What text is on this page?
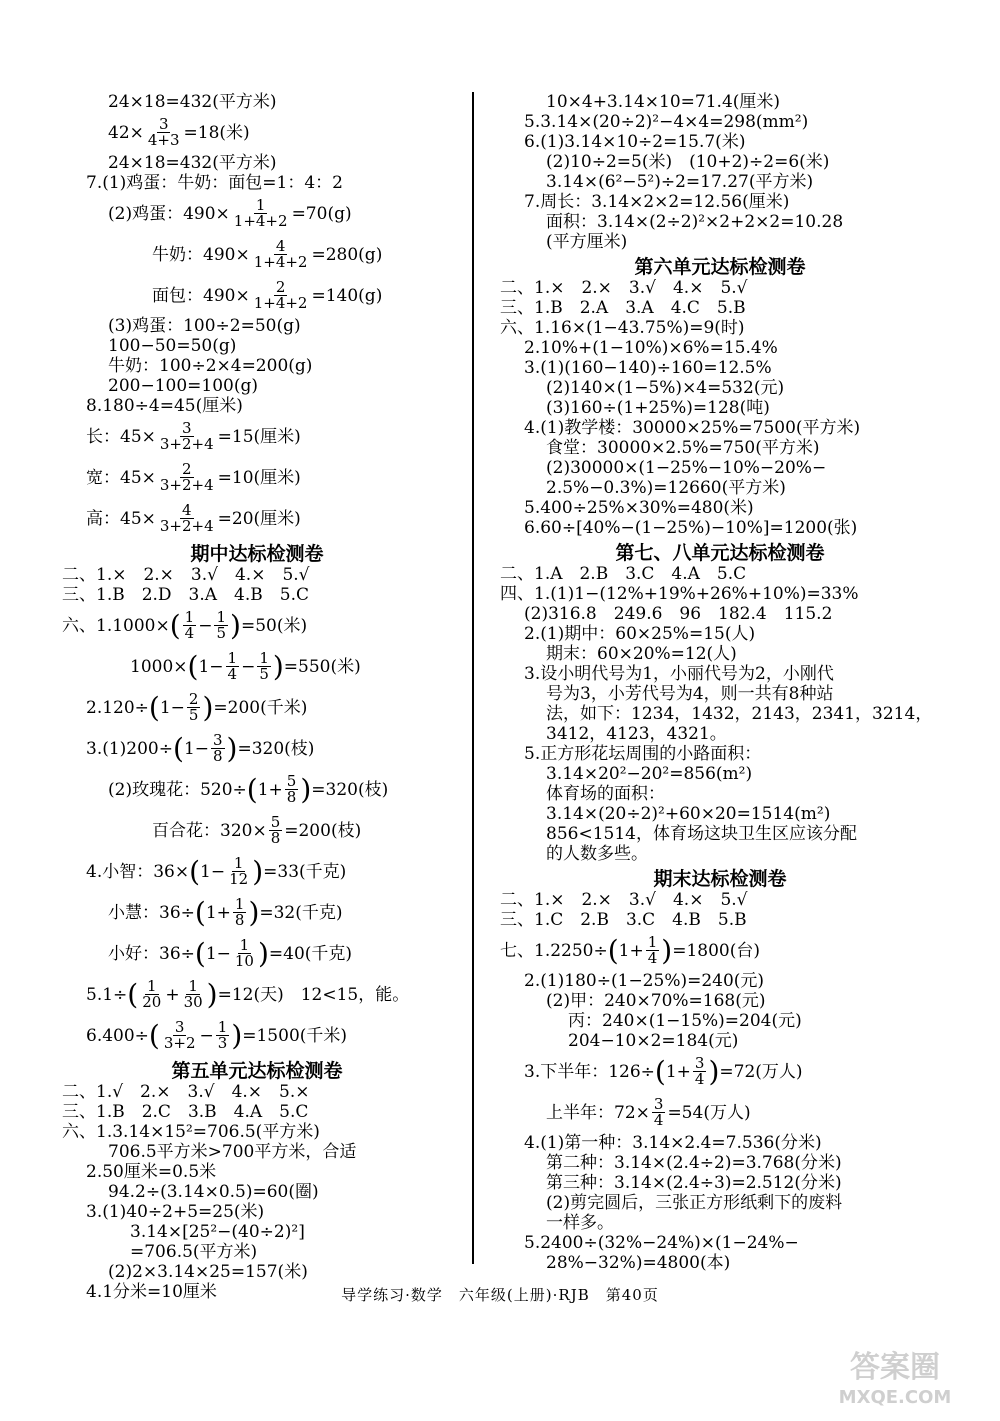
24×18=432(平方米)

$42\times \frac{3}{4+3} =18$(米)

24×18=432(平方米)

7.(1)鸡蛋：牛奶：面包=1：4：2

(2)鸡蛋：$490\times \frac{1}{1+4+2} =70(g)$
牛奶：$490\times \frac{4}{1+4+2} =280(g)$
面包：$490\times \frac{2}{1+4+2} =140(g)$

(3)鸡蛋：100÷2=50(g)

100−50=50(g)

牛奶：100÷2×4=200(g)

200−100=100(g)

8.180÷4=45(厘米)

长：$45\times \frac{3}{3+2+4} =15$(厘米)
宽：$45\times \frac{2}{3+2+4} =10$(厘米)
高：$45\times \frac{4}{3+2+4} =20$(厘米)

期中达标检测卷

二、1.×　2.×　3.√　4.×　5.√

三、1.B　2.D　3.A　4.B　5.C

六、1.1000× ( $\frac{1}{4} - \frac{1}{5}$ ) =50(米)
1000× ( $1- \frac{1}{4} - \frac{1}{5}$ ) =550(米)
2.120÷ ( $1- \frac{2}{5}$ ) =200(千米)
3.(1)200÷ ( $1- \frac{3}{8}$ ) =320(枝)
(2)玫瑰花：520÷ ( $1+ \frac{5}{8}$ ) =320(枝)
百合花：$320\times \frac{5}{8} =200$(枝)
4.小智：36× ( $1- \frac{1}{12}$ ) =33(千克)
小慧：36÷ ( $1+ \frac{1}{8}$ ) =32(千克)
小好：36÷ ( $1- \frac{1}{10}$ ) =40(千克)
5.1÷ ( $\frac{1}{20} + \frac{1}{30}$ ) =12(天)　12<15，能。
6.400÷ ( $\frac{3}{3+2} - \frac{1}{3}$ ) =1500(千米)

第五单元达标检测卷

二、1.√　2.×　3.√　4.×　5.×

三、1.B　2.C　3.B　4.A　5.C

六、1.3.14×15²=706.5(平方米)

706.5平方米>700平方米，合适

2.50厘米=0.5米

94.2÷(3.14×0.5)=60(圈)

3.(1)40÷2+5=25(米)

3.14×[25²−(40÷2)²]

=706.5(平方米)

(2)2×3.14×25=157(米)

4.1分米=10厘米

10×4+3.14×10=71.4(厘米)

5.3.14×(20÷2)²−4×4=298(mm²)

6.(1)3.14×10÷2=15.7(米)

(2)10÷2=5(米)　(10+2)÷2=6(米)

3.14×(6²−5²)÷2=17.27(平方米)

7.周长：3.14×2×2=12.56(厘米)

面积：3.14×(2÷2)²×2+2×2=10.28

(平方厘米)

第六单元达标检测卷

二、1.×　2.×　3.√　4.×　5.√

三、1.B　2.A　3.A　4.C　5.B

六、1.16×(1−43.75%)=9(时)

2.10%+(1−10%)×6%=15.4%

3.(1)(160−140)÷160=12.5%

(2)140×(1−5%)×4=532(元)

(3)160÷(1+25%)=128(吨)

4.(1)教学楼：30000×25%=7500(平方米)

食堂：30000×2.5%=750(平方米)

(2)30000×(1−25%−10%−20%−

2.5%−0.3%)=12660(平方米)

5.400÷25%×30%=480(米)

6.60÷[40%−(1−25%)−10%]=1200(张)

第七、八单元达标检测卷

二、1.A　2.B　3.C　4.A　5.C

四、1.(1)1−(12%+19%+26%+10%)=33%

(2)316.8　249.6　96　182.4　115.2

2.(1)期中：60×25%=15(人)

期末：60×20%=12(人)

3.设小明代号为1，小丽代号为2，小刚代

号为3，小芳代号为4，则一共有8种站

法，如下：1234，1432，2143，2341，3214，

3412，4123，4321。

5.正方形花坛周围的小路面积：

3.14×20²−20²=856(m²)

体育场的面积：

3.14×(20÷2)²+60×20=1514(m²)

856<1514，体育场这块卫生区应该分配

的人数多些。

期末达标检测卷

二、1.×　2.×　3.√　4.×　5.√

三、1.C　2.B　3.C　4.B　5.B

七、1.2250÷ ( $1+ \frac{1}{4}$ ) =1800(台)

2.(1)180÷(1−25%)=240(元)

(2)甲：240×70%=168(元)

丙：240×(1−15%)=204(元)

204−10×2=184(元)

3.下半年：126÷ ( $1+ \frac{3}{4}$ ) =72(万人)
上半年：$72\times \frac{3}{4} =54$(万人)

4.(1)第一种：3.14×2.4=7.536(分米)

第二种：3.14×(2.4÷2)=3.768(分米)

第三种：3.14×(2.4÷3)=2.512(分米)

(2)剪完圆后，三张正方形纸剩下的废料

一样多。

5.2400÷(32%−24%)×(1−24%−

28%−32%)=4800(本)

导学练习·数学　六年级(上册)·RJB　第40页
答案圈
MXQE.COM
